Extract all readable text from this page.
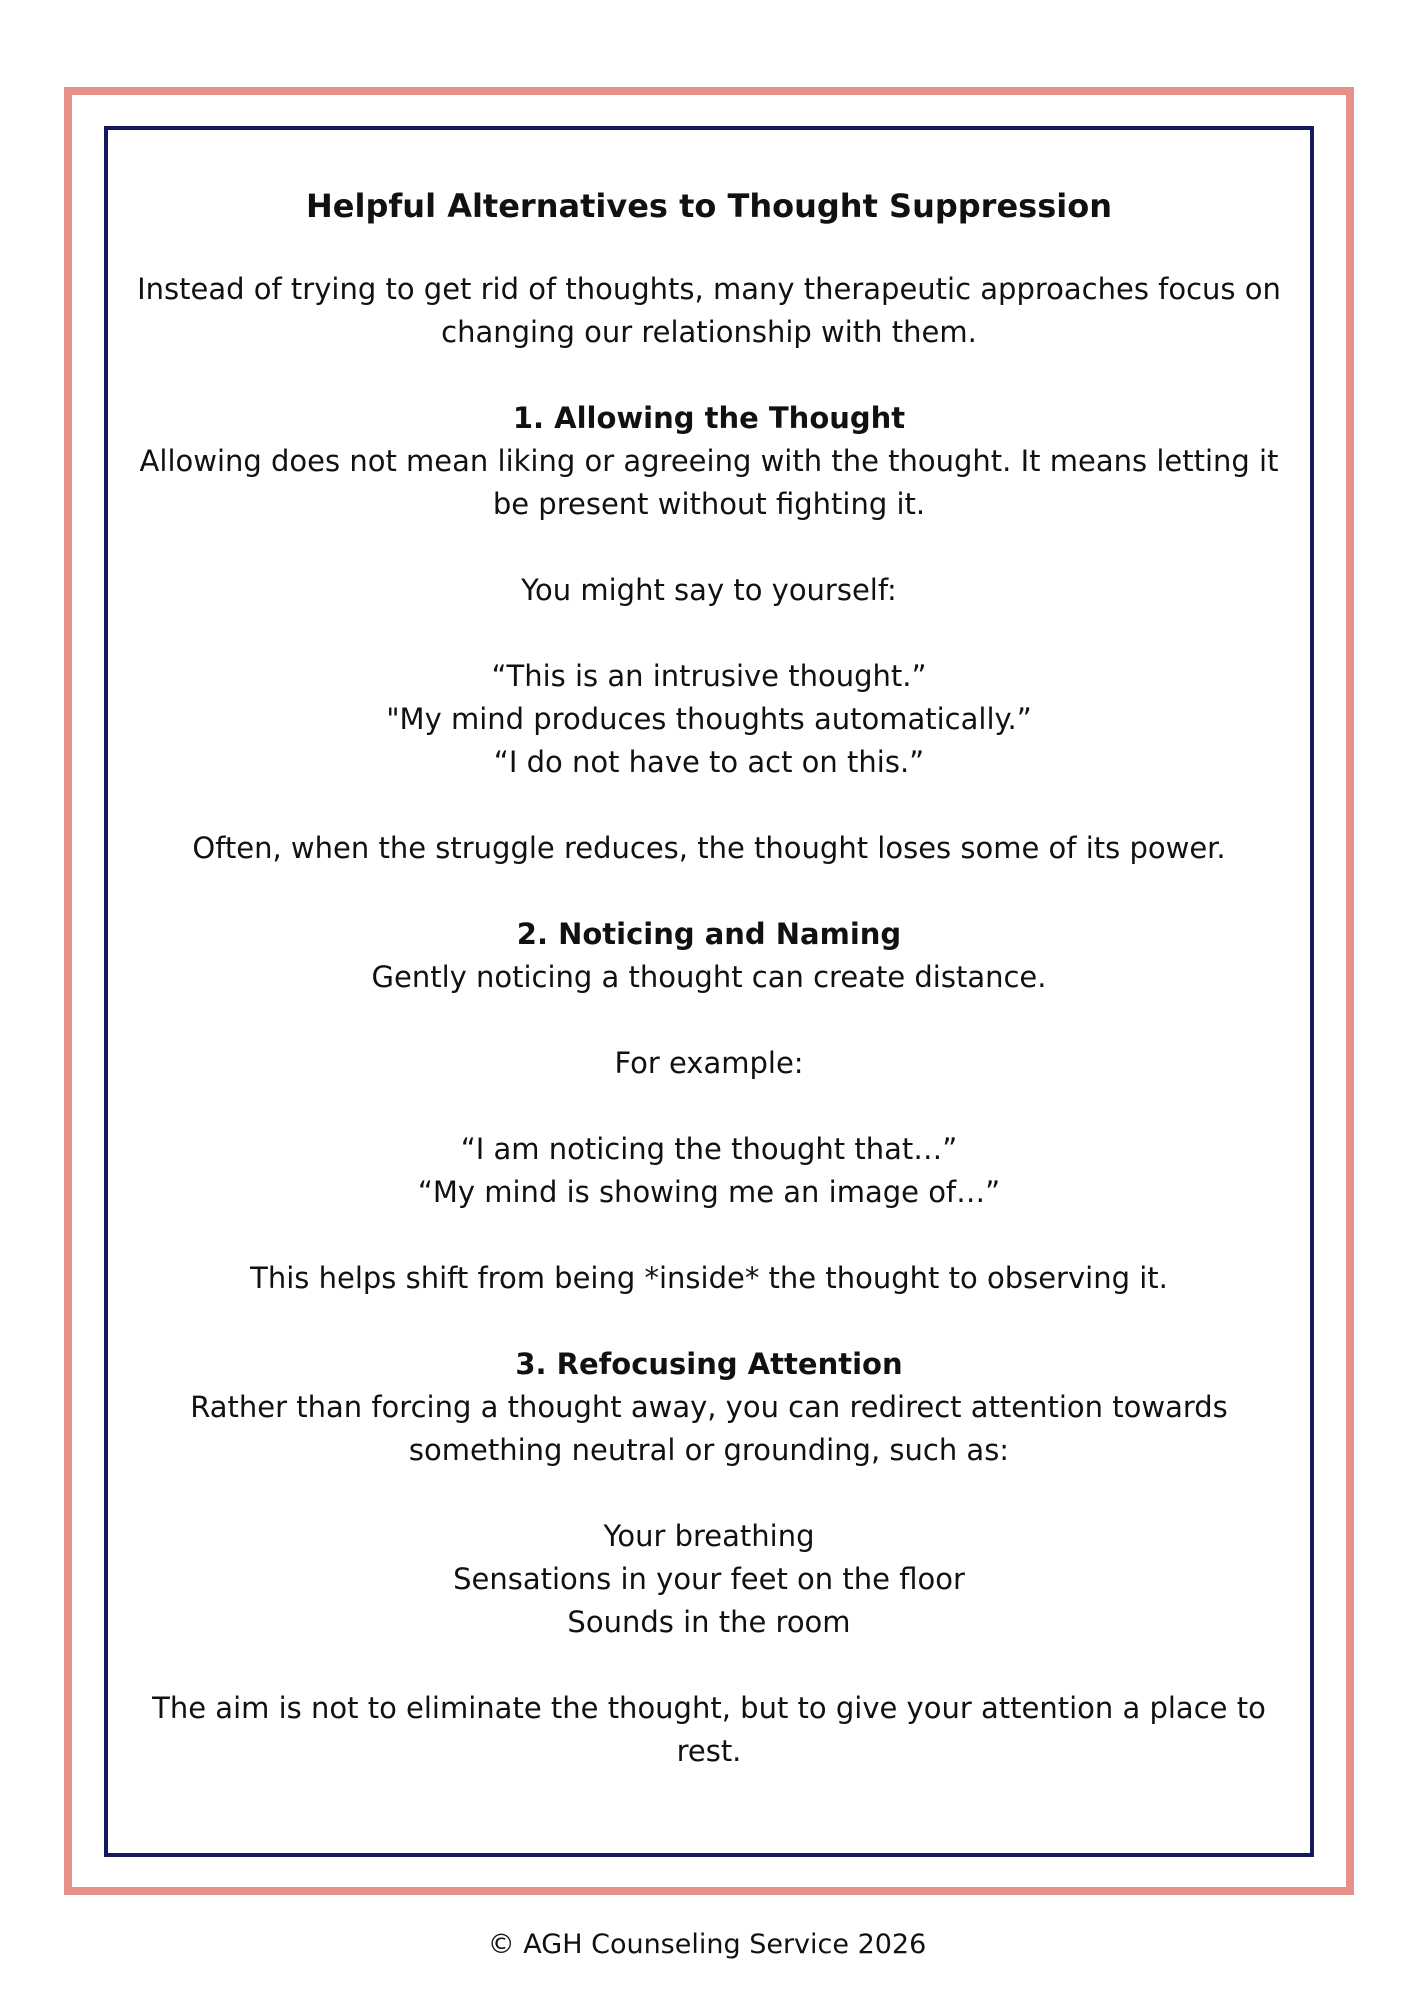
Helpful Alternatives to Thought Suppression

Instead of trying to get rid of thoughts, many therapeutic approaches focus on
changing our relationship with them.

1. Allowing the Thought

Allowing does not mean liking or agreeing with the thought. It means letting it
be present without fighting it.

You might say to yourself:

“This is an intrusive thought.”
"My mind produces thoughts automatically.”
“I do not have to act on this.”

Often, when the struggle reduces, the thought loses some of its power.

2. Noticing and Naming

Gently noticing a thought can create distance.

For example:

“I am noticing the thought that…”
“My mind is showing me an image of…”

This helps shift from being *inside* the thought to observing it.

3. Refocusing Attention

Rather than forcing a thought away, you can redirect attention towards
something neutral or grounding, such as:

Your breathing
Sensations in your feet on the floor
Sounds in the room

The aim is not to eliminate the thought, but to give your attention a place to
rest.

© AGH Counseling Service 2026
